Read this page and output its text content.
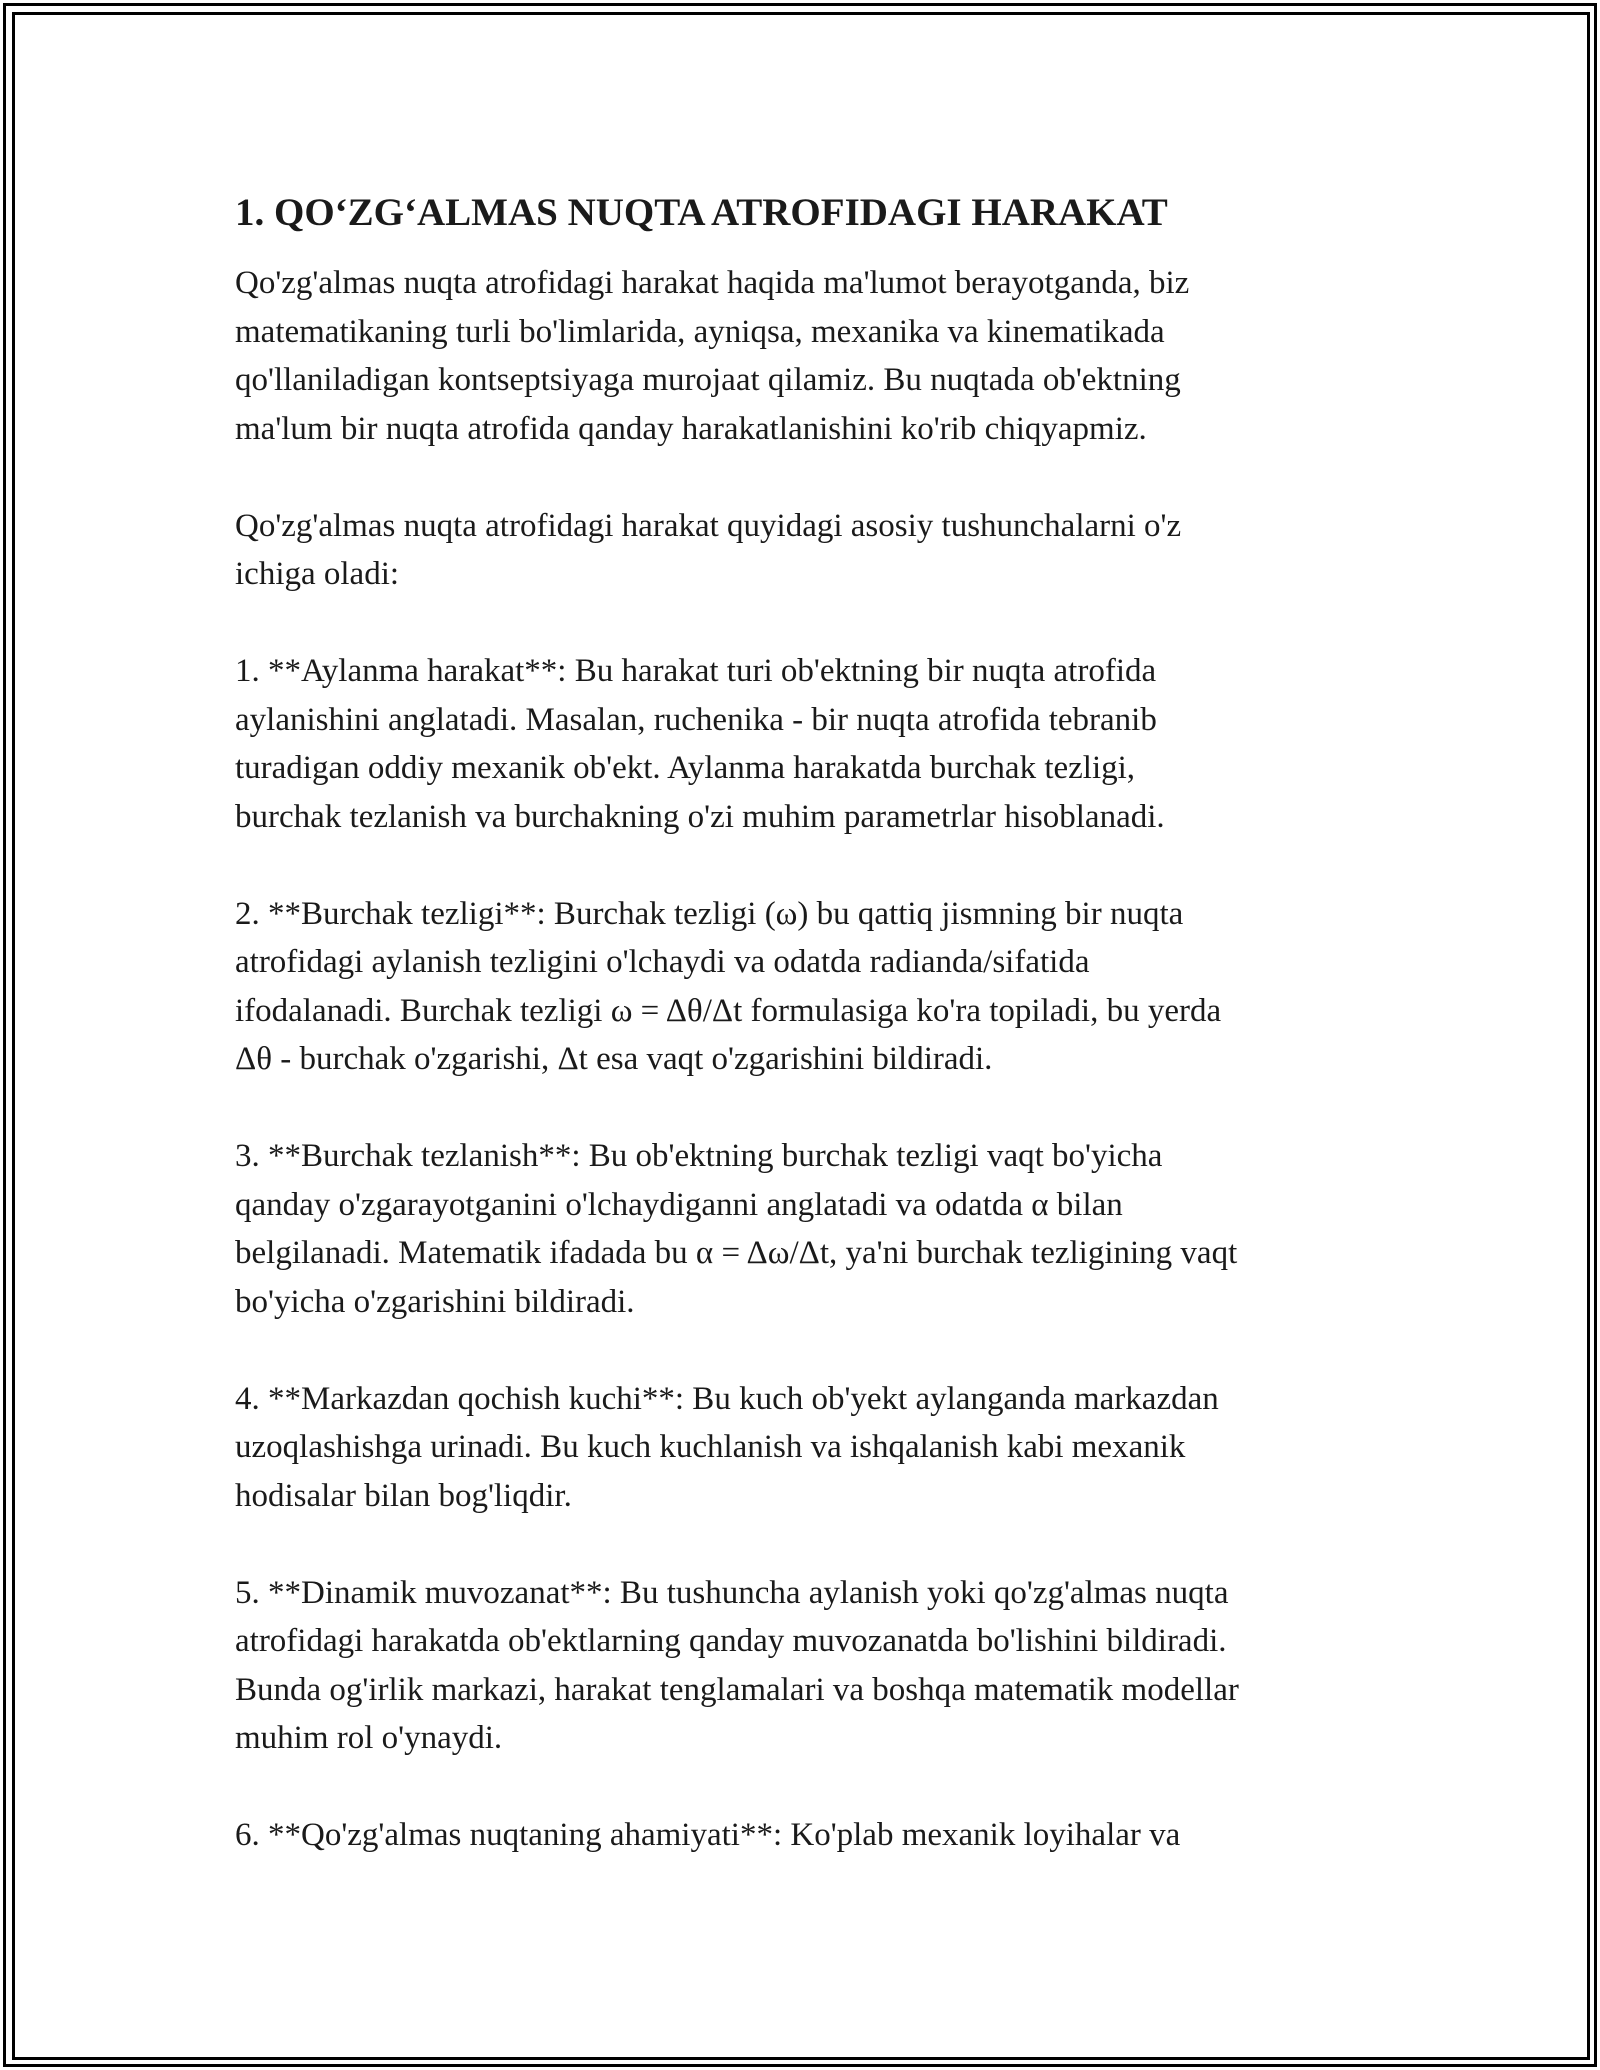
1. QO‘ZG‘ALMAS NUQTA ATROFIDAGI HARAKAT

Qo'zg'almas nuqta atrofidagi harakat haqida ma'lumot berayotganda, biz
matematikaning turli bo'limlarida, ayniqsa, mexanika va kinematikada
qo'llaniladigan kontseptsiyaga murojaat qilamiz. Bu nuqtada ob'ektning
ma'lum bir nuqta atrofida qanday harakatlanishini ko'rib chiqyapmiz.

Qo'zg'almas nuqta atrofidagi harakat quyidagi asosiy tushunchalarni o'z
ichiga oladi:

1. **Aylanma harakat**: Bu harakat turi ob'ektning bir nuqta atrofida
aylanishini anglatadi. Masalan, ruchenika - bir nuqta atrofida tebranib
turadigan oddiy mexanik ob'ekt. Aylanma harakatda burchak tezligi,
burchak tezlanish va burchakning o'zi muhim parametrlar hisoblanadi.

2. **Burchak tezligi**: Burchak tezligi (ω) bu qattiq jismning bir nuqta
atrofidagi aylanish tezligini o'lchaydi va odatda radianda/sifatida
ifodalanadi. Burchak tezligi ω = Δθ/Δt formulasiga ko'ra topiladi, bu yerda
Δθ - burchak o'zgarishi, Δt esa vaqt o'zgarishini bildiradi.

3. **Burchak tezlanish**: Bu ob'ektning burchak tezligi vaqt bo'yicha
qanday o'zgarayotganini o'lchaydiganni anglatadi va odatda α bilan
belgilanadi. Matematik ifadada bu α = Δω/Δt, ya'ni burchak tezligining vaqt
bo'yicha o'zgarishini bildiradi.

4. **Markazdan qochish kuchi**: Bu kuch ob'yekt aylanganda markazdan
uzoqlashishga urinadi. Bu kuch kuchlanish va ishqalanish kabi mexanik
hodisalar bilan bog'liqdir.

5. **Dinamik muvozanat**: Bu tushuncha aylanish yoki qo'zg'almas nuqta
atrofidagi harakatda ob'ektlarning qanday muvozanatda bo'lishini bildiradi.
Bunda og'irlik markazi, harakat tenglamalari va boshqa matematik modellar
muhim rol o'ynaydi.

6. **Qo'zg'almas nuqtaning ahamiyati**: Ko'plab mexanik loyihalar va
